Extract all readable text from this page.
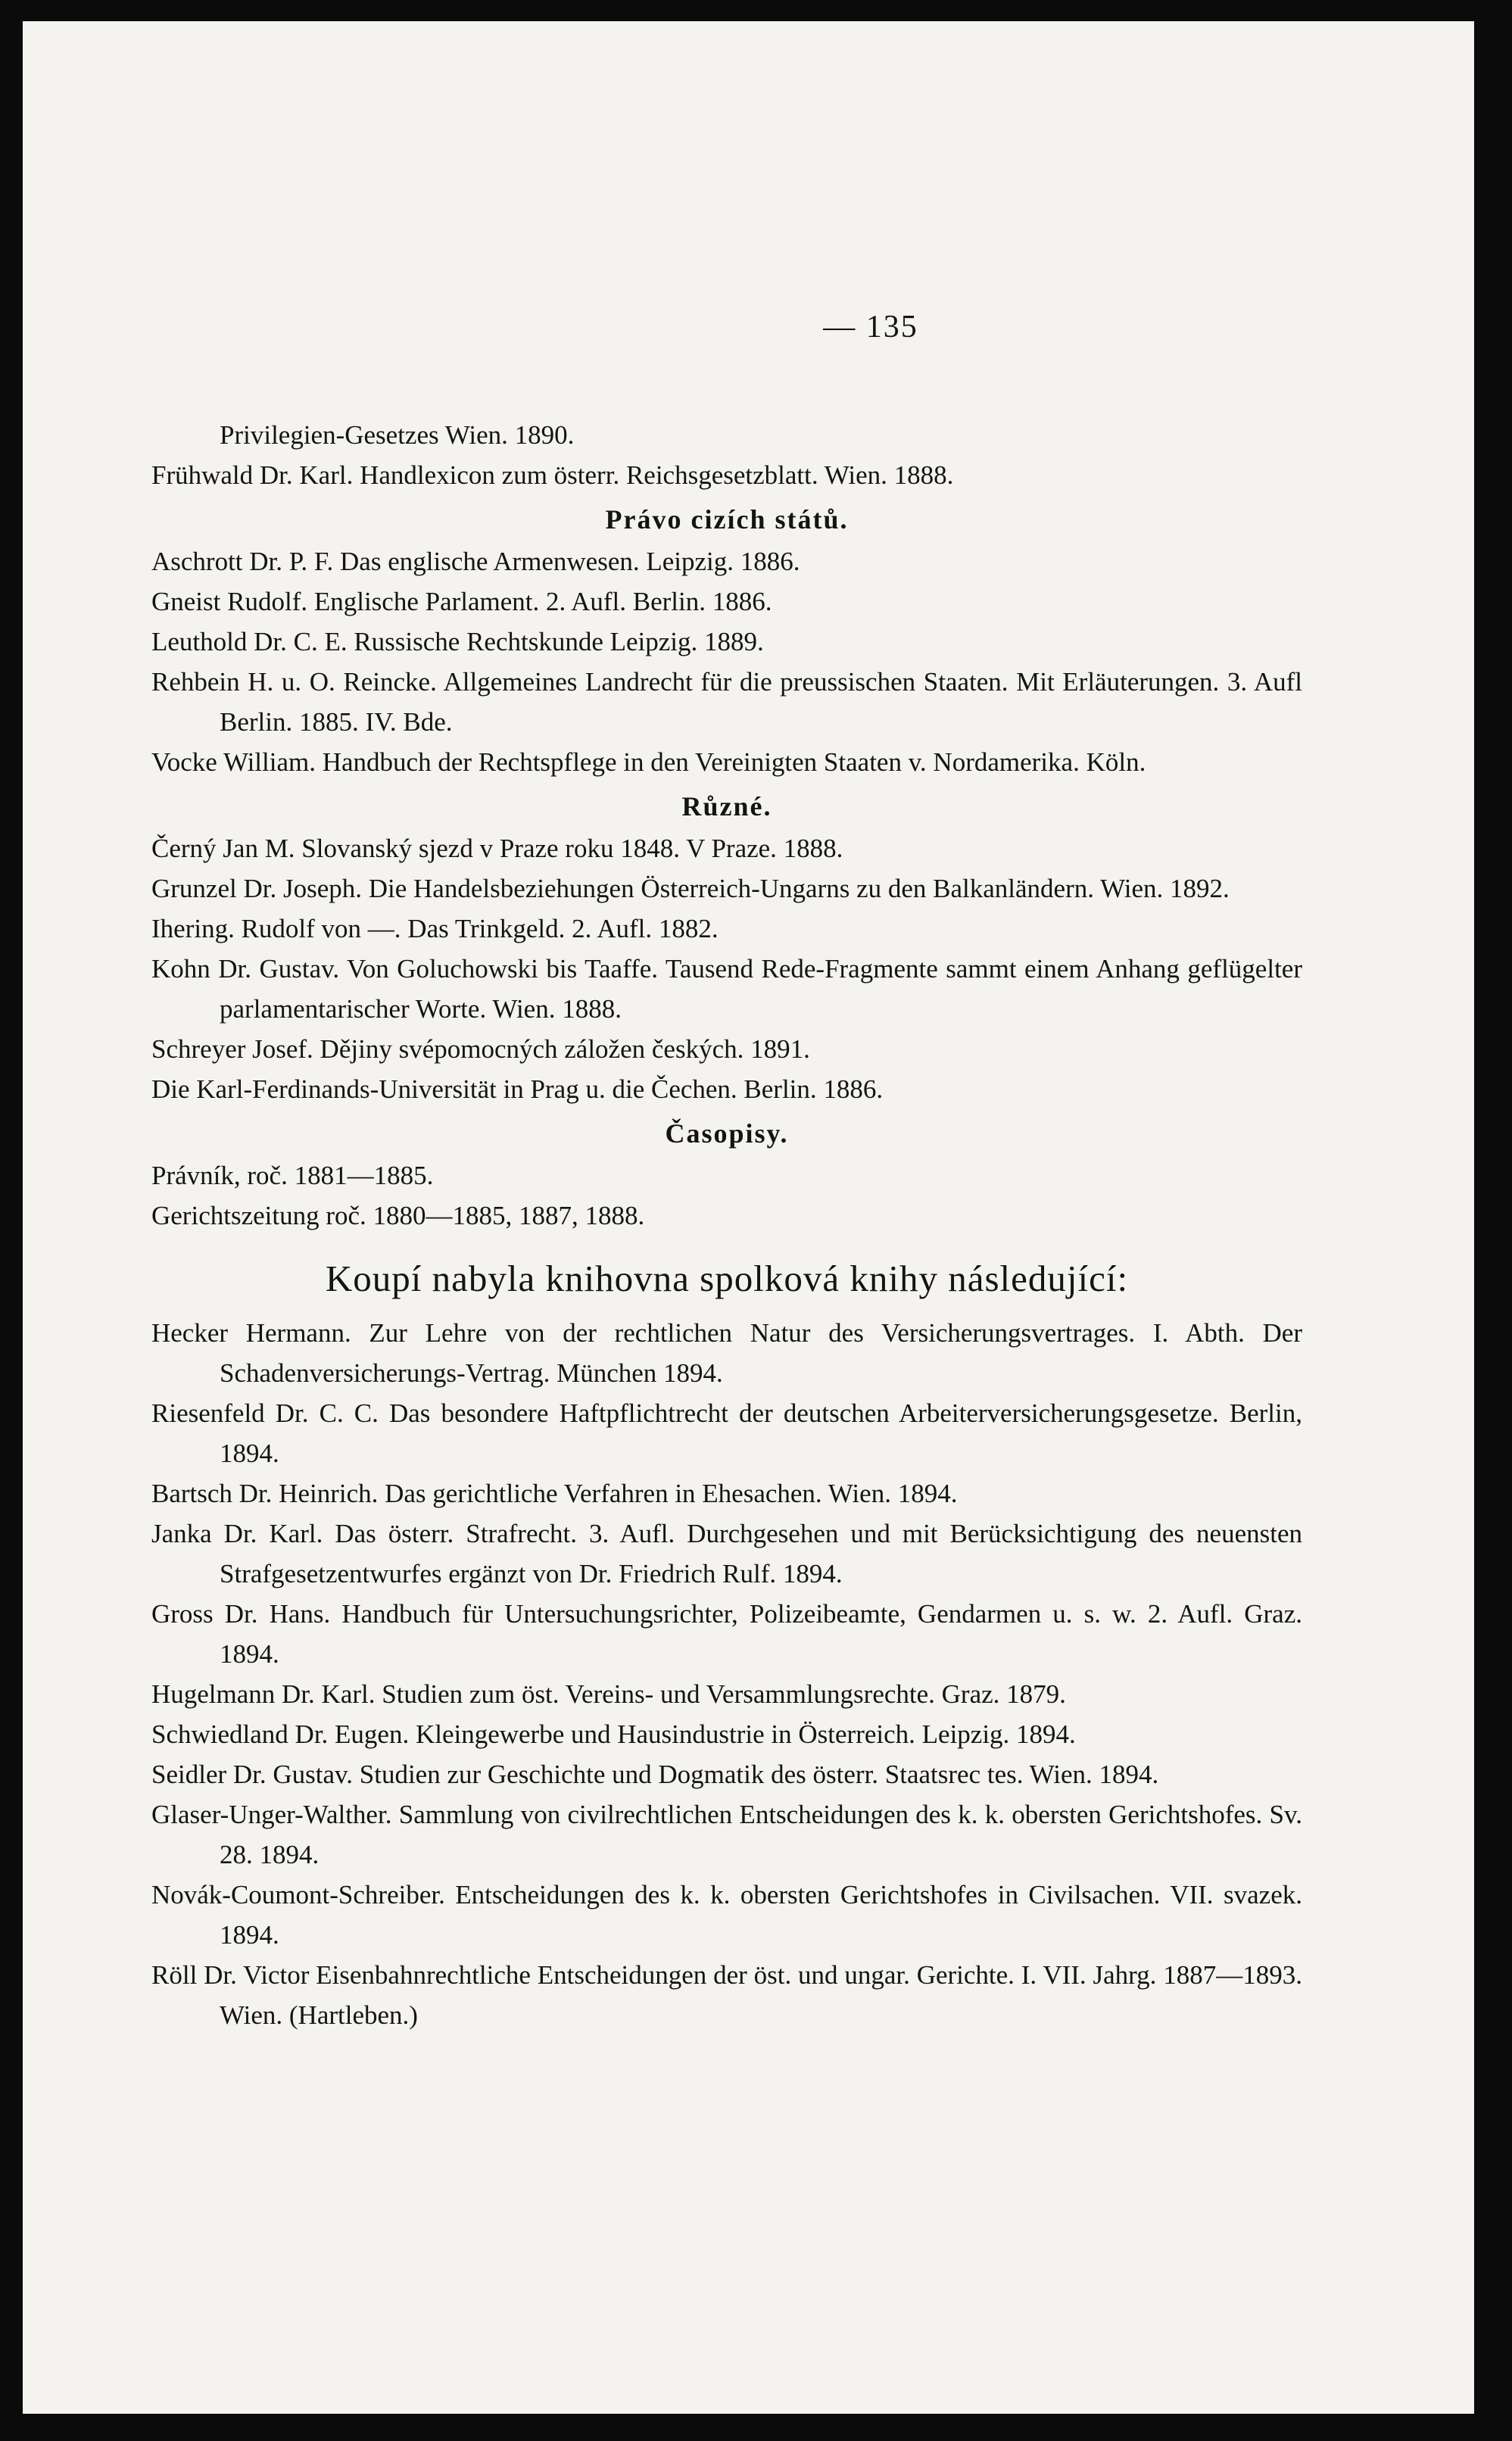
— 135

Privilegien-Gesetzes Wien. 1890.

Frühwald Dr. Karl. Handlexicon zum österr. Reichsgesetzblatt. Wien. 1888.

Právo cizích států.

Aschrott Dr. P. F. Das englische Armenwesen. Leipzig. 1886.

Gneist Rudolf. Englische Parlament. 2. Aufl. Berlin. 1886.

Leuthold Dr. C. E. Russische Rechtskunde Leipzig. 1889.

Rehbein H. u. O. Reincke. Allgemeines Landrecht für die preussischen Staaten. Mit Erläuterungen. 3. Aufl Berlin. 1885. IV. Bde.

Vocke William. Handbuch der Rechtspflege in den Vereinigten Staaten v. Nordamerika. Köln.

Různé.

Černý Jan M. Slovanský sjezd v Praze roku 1848. V Praze. 1888.

Grunzel Dr. Joseph. Die Handelsbeziehungen Österreich-Ungarns zu den Balkanländern. Wien. 1892.

Ihering. Rudolf von —. Das Trinkgeld. 2. Aufl. 1882.

Kohn Dr. Gustav. Von Goluchowski bis Taaffe. Tausend Rede-Fragmente sammt einem Anhang geflügelter parlamentarischer Worte. Wien. 1888.

Schreyer Josef. Dějiny svépomocných záložen českých. 1891.

Die Karl-Ferdinands-Universität in Prag u. die Čechen. Berlin. 1886.

Časopisy.

Právník, roč. 1881—1885.

Gerichtszeitung roč. 1880—1885, 1887, 1888.

Koupí nabyla knihovna spolková knihy následující:

Hecker Hermann. Zur Lehre von der rechtlichen Natur des Versicherungsvertrages. I. Abth. Der Schadenversicherungs-Vertrag. München 1894.

Riesenfeld Dr. C. C. Das besondere Haftpflichtrecht der deutschen Arbeiterversicherungsgesetze. Berlin, 1894.

Bartsch Dr. Heinrich. Das gerichtliche Verfahren in Ehesachen. Wien. 1894.

Janka Dr. Karl. Das österr. Strafrecht. 3. Aufl. Durchgesehen und mit Berücksichtigung des neuensten Strafgesetzentwurfes ergänzt von Dr. Friedrich Rulf. 1894.

Gross Dr. Hans. Handbuch für Untersuchungsrichter, Polizeibeamte, Gendarmen u. s. w. 2. Aufl. Graz. 1894.

Hugelmann Dr. Karl. Studien zum öst. Vereins- und Versammlungsrechte. Graz. 1879.

Schwiedland Dr. Eugen. Kleingewerbe und Hausindustrie in Österreich. Leipzig. 1894.

Seidler Dr. Gustav. Studien zur Geschichte und Dogmatik des österr. Staatsrec tes. Wien. 1894.

Glaser-Unger-Walther. Sammlung von civilrechtlichen Entscheidungen des k. k. obersten Gerichtshofes. Sv. 28. 1894.

Novák-Coumont-Schreiber. Entscheidungen des k. k. obersten Gerichtshofes in Civilsachen. VII. svazek. 1894.

Röll Dr. Victor Eisenbahnrechtliche Entscheidungen der öst. und ungar. Gerichte. I. VII. Jahrg. 1887—1893. Wien. (Hartleben.)
